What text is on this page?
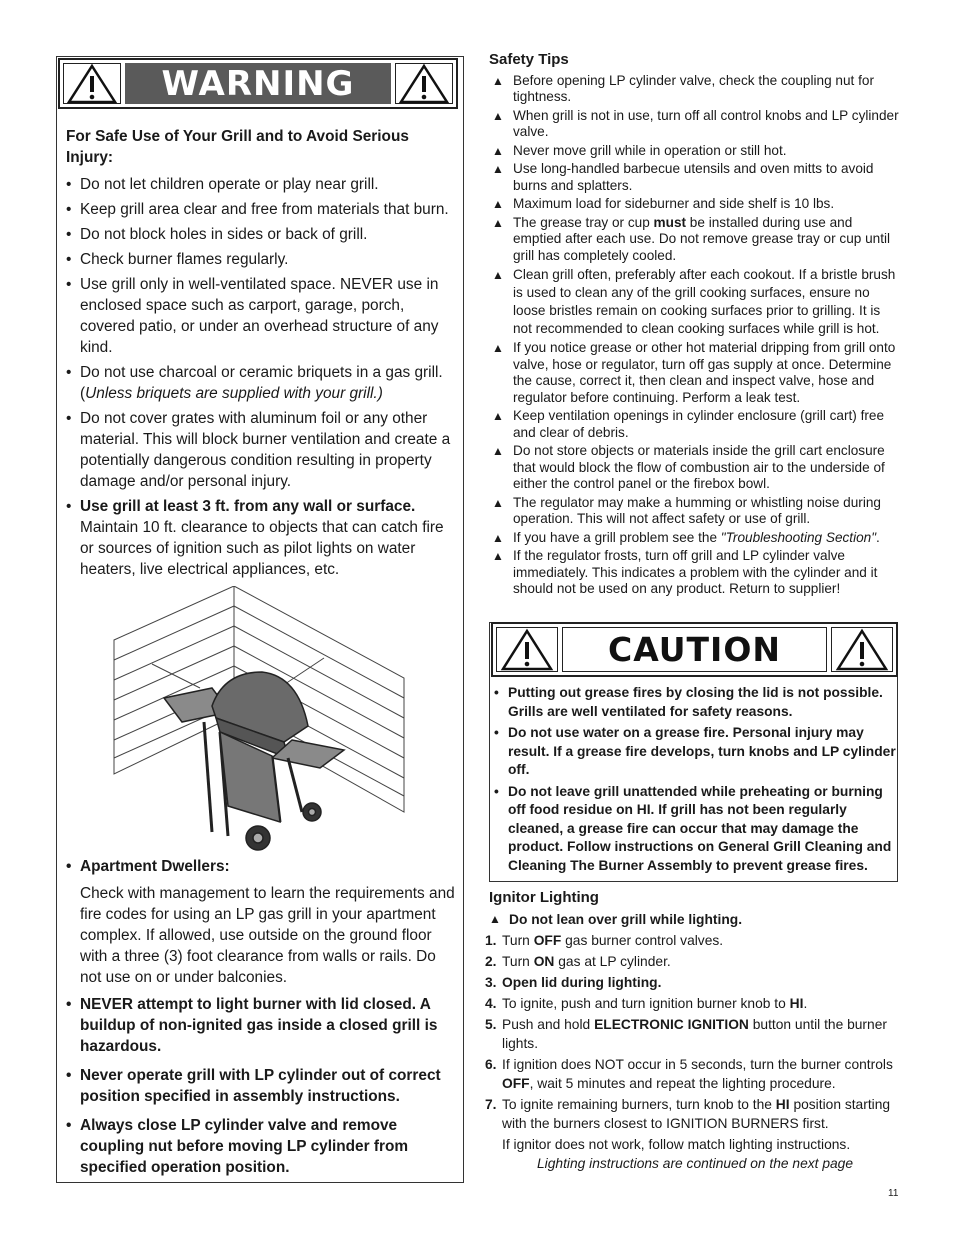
WARNING
For Safe Use of Your Grill and to Avoid Serious Injury:
• Do not let children operate or play near grill.
• Keep grill area clear and free from materials that burn.
• Do not block holes in sides or back of grill.
• Check burner flames regularly.
• Use grill only in well-ventilated space. NEVER use in enclosed space such as carport, garage, porch, covered patio, or under an overhead structure of any kind.
• Do not use charcoal or ceramic briquets in a gas grill.
(Unless briquets are supplied with your grill.)
• Do not cover grates with aluminum foil or any other material. This will block burner ventilation and create a potentially dangerous condition resulting in property damage and/or personal injury.
• Use grill at least 3 ft. from any wall or surface.
Maintain 10 ft. clearance to objects that can catch fire or sources of ignition such as pilot lights on water heaters, live electrical appliances, etc.
• Apartment Dwellers:
Check with management to learn the requirements and fire codes for using an LP gas grill in your apartment complex. If allowed, use outside on the ground floor with a three (3) foot clearance from walls or rails. Do not use on or under balconies.
• NEVER attempt to light burner with lid closed. A buildup of non-ignited gas inside a closed grill is hazardous.
• Never operate grill with LP cylinder out of correct position specified in assembly instructions.
• Always close LP cylinder valve and remove coupling nut before moving LP cylinder from specified operation position.
Safety Tips
▲ Before opening LP cylinder valve, check the coupling nut for tightness.
▲ When grill is not in use, turn off all control knobs and LP cylinder valve.
▲ Never move grill while in operation or still hot.
▲ Use long-handled barbecue utensils and oven mitts to avoid burns and splatters.
▲ Maximum load for sideburner and side shelf is 10 lbs.
▲ The grease tray or cup must be installed during use and emptied after each use. Do not remove grease tray or cup until grill has completely cooled.
▲ Clean grill often, preferably after each cookout. If a bristle brush is used to clean any of the grill cooking surfaces, ensure no loose bristles remain on cooking surfaces prior to grilling. It is not recommended to clean cooking surfaces while grill is hot.
▲ If you notice grease or other hot material dripping from grill onto valve, hose or regulator, turn off gas supply at once. Determine the cause, correct it, then clean and inspect valve, hose and regulator before continuing. Perform a leak test.
▲ Keep ventilation openings in cylinder enclosure (grill cart) free and clear of debris.
▲ Do not store objects or materials inside the grill cart enclosure that would block the flow of combustion air to the underside of either the control panel or the firebox bowl.
▲ The regulator may make a humming or whistling noise during operation. This will not affect safety or use of grill.
▲ If you have a grill problem see the "Troubleshooting Section".
▲ If the regulator frosts, turn off grill and LP cylinder valve immediately. This indicates a problem with the cylinder and it should not be used on any product. Return to supplier!
CAUTION
• Putting out grease fires by closing the lid is not possible. Grills are well ventilated for safety reasons.
• Do not use water on a grease fire. Personal injury may result. If a grease fire develops, turn knobs and LP cylinder off.
• Do not leave grill unattended while preheating or burning off food residue on HI. If grill has not been regularly cleaned, a grease fire can occur that may damage the product. Follow instructions on General Grill Cleaning and Cleaning The Burner Assembly to prevent grease fires.
Ignitor Lighting
▲ Do not lean over grill while lighting.
1. Turn OFF gas burner control valves.
2. Turn ON gas at LP cylinder.
3. Open lid during lighting.
4. To ignite, push and turn ignition burner knob to HI.
5. Push and hold ELECTRONIC IGNITION button until the burner lights.
6. If ignition does NOT occur in 5 seconds, turn the burner controls OFF, wait 5 minutes and repeat the lighting procedure.
7. To ignite remaining burners, turn knob to the HI position starting with the burners closest to IGNITION BURNERS first.
If ignitor does not work, follow match lighting instructions.
Lighting instructions are continued on the next page
11
